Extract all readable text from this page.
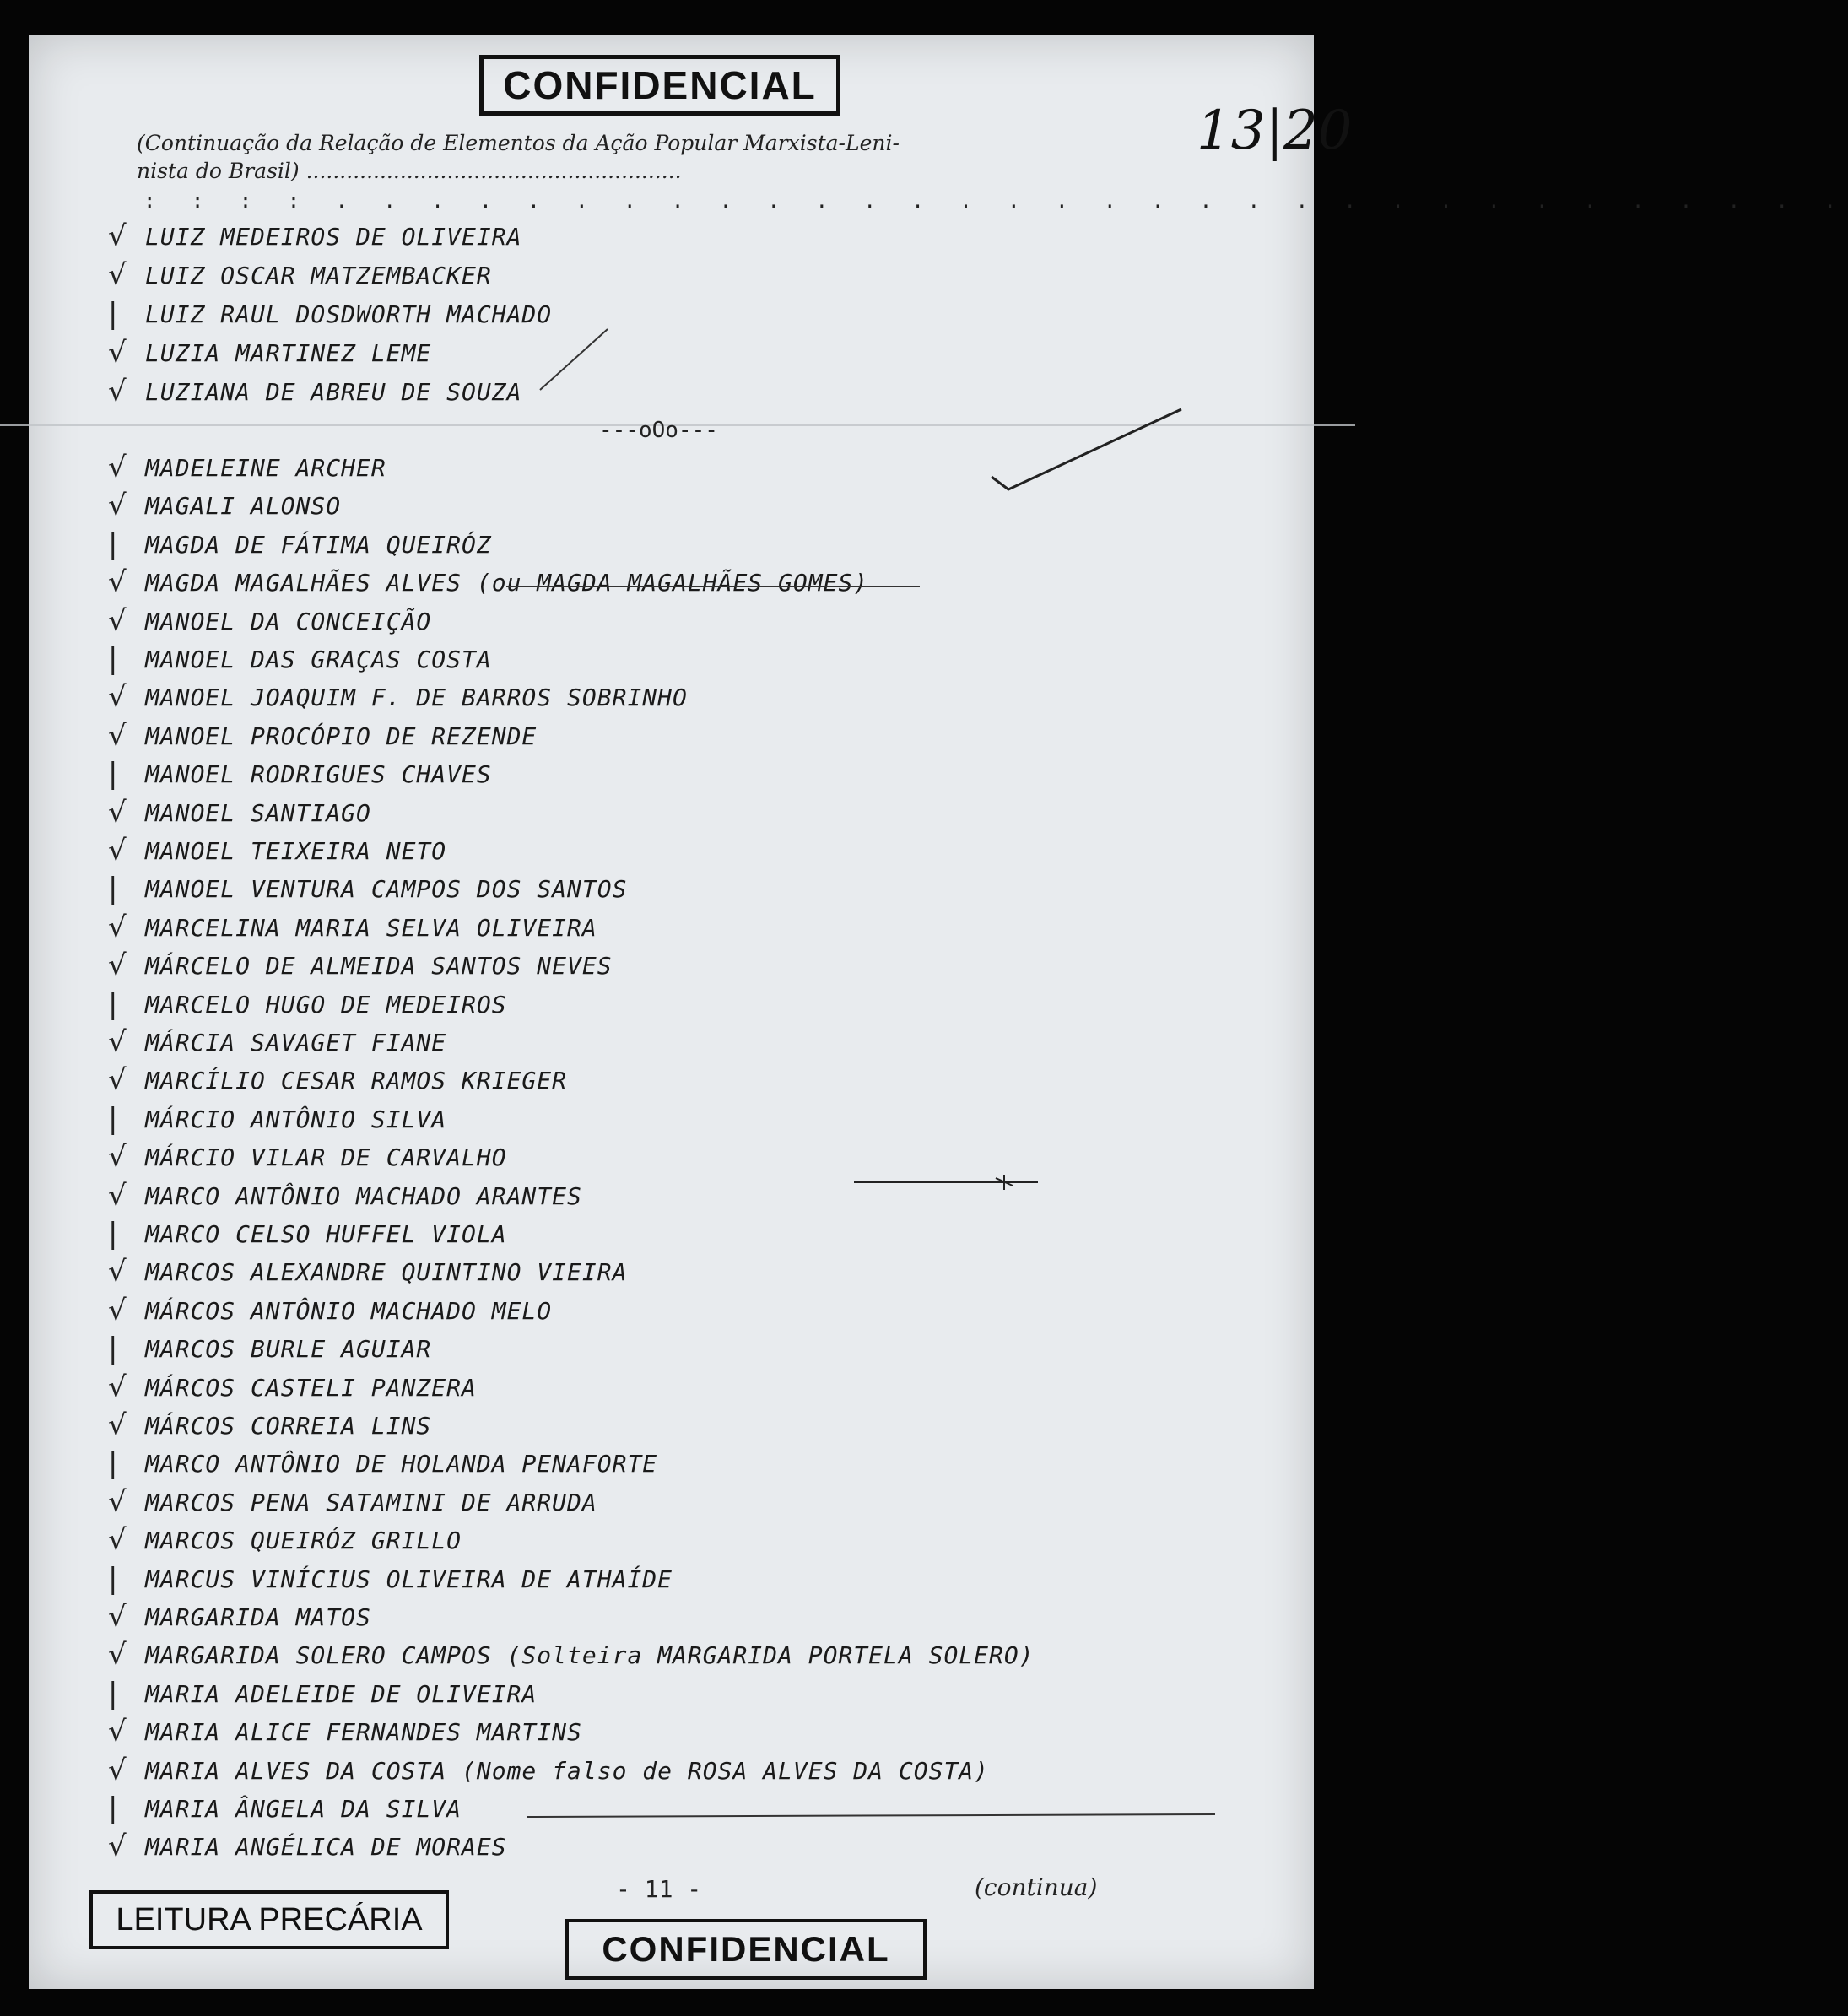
CONFIDENCIAL
13|20
(Continuação da Relação de Elementos da Ação Popular Marxista-Leni-
nista do Brasil) ........................................................
: : : : . . . . . . . . . . . . . . . . . . . . . . . . . . . . . . . .
√ LUIZ MEDEIROS DE OLIVEIRA
√ LUIZ OSCAR MATZEMBACKER
| LUIZ RAUL DOSDWORTH MACHADO
√ LUZIA MARTINEZ LEME
√ LUZIANA DE ABREU DE SOUZA
---oOo---
√ MADELEINE ARCHER
√ MAGALI ALONSO
| MAGDA DE FÁTIMA QUEIRÓZ
√ MAGDA MAGALHÃES ALVES (ou MAGDA MAGALHÃES GOMES)
√ MANOEL DA CONCEIÇÃO
| MANOEL DAS GRAÇAS COSTA
√ MANOEL JOAQUIM F. DE BARROS SOBRINHO
√ MANOEL PROCÓPIO DE REZENDE
| MANOEL RODRIGUES CHAVES
√ MANOEL SANTIAGO
√ MANOEL TEIXEIRA NETO
| MANOEL VENTURA CAMPOS DOS SANTOS
√ MARCELINA MARIA SELVA OLIVEIRA
√ MÁRCELO DE ALMEIDA SANTOS NEVES
| MARCELO HUGO DE MEDEIROS
√ MÁRCIA SAVAGET FIANE
√ MARCÍLIO CESAR RAMOS KRIEGER
| MÁRCIO ANTÔNIO SILVA
√ MÁRCIO VILAR DE CARVALHO
√ MARCO ANTÔNIO MACHADO ARANTES
| MARCO CELSO HUFFEL VIOLA
√ MARCOS ALEXANDRE QUINTINO VIEIRA
√ MÁRCOS ANTÔNIO MACHADO MELO
| MARCOS BURLE AGUIAR
√ MÁRCOS CASTELI PANZERA
√ MÁRCOS CORREIA LINS
| MARCO ANTÔNIO DE HOLANDA PENAFORTE
√ MARCOS PENA SATAMINI DE ARRUDA
√ MARCOS QUEIRÓZ GRILLO
| MARCUS VINÍCIUS OLIVEIRA DE ATHAÍDE
√ MARGARIDA MATOS
√ MARGARIDA SOLERO CAMPOS (Solteira MARGARIDA PORTELA SOLERO)
| MARIA ADELEIDE DE OLIVEIRA
√ MARIA ALICE FERNANDES MARTINS
√ MARIA ALVES DA COSTA (Nome falso de ROSA ALVES DA COSTA)
| MARIA ÂNGELA DA SILVA
√ MARIA ANGÉLICA DE MORAES
- 11 -	(continua)
LEITURA PRECÁRIA
CONFIDENCIAL
